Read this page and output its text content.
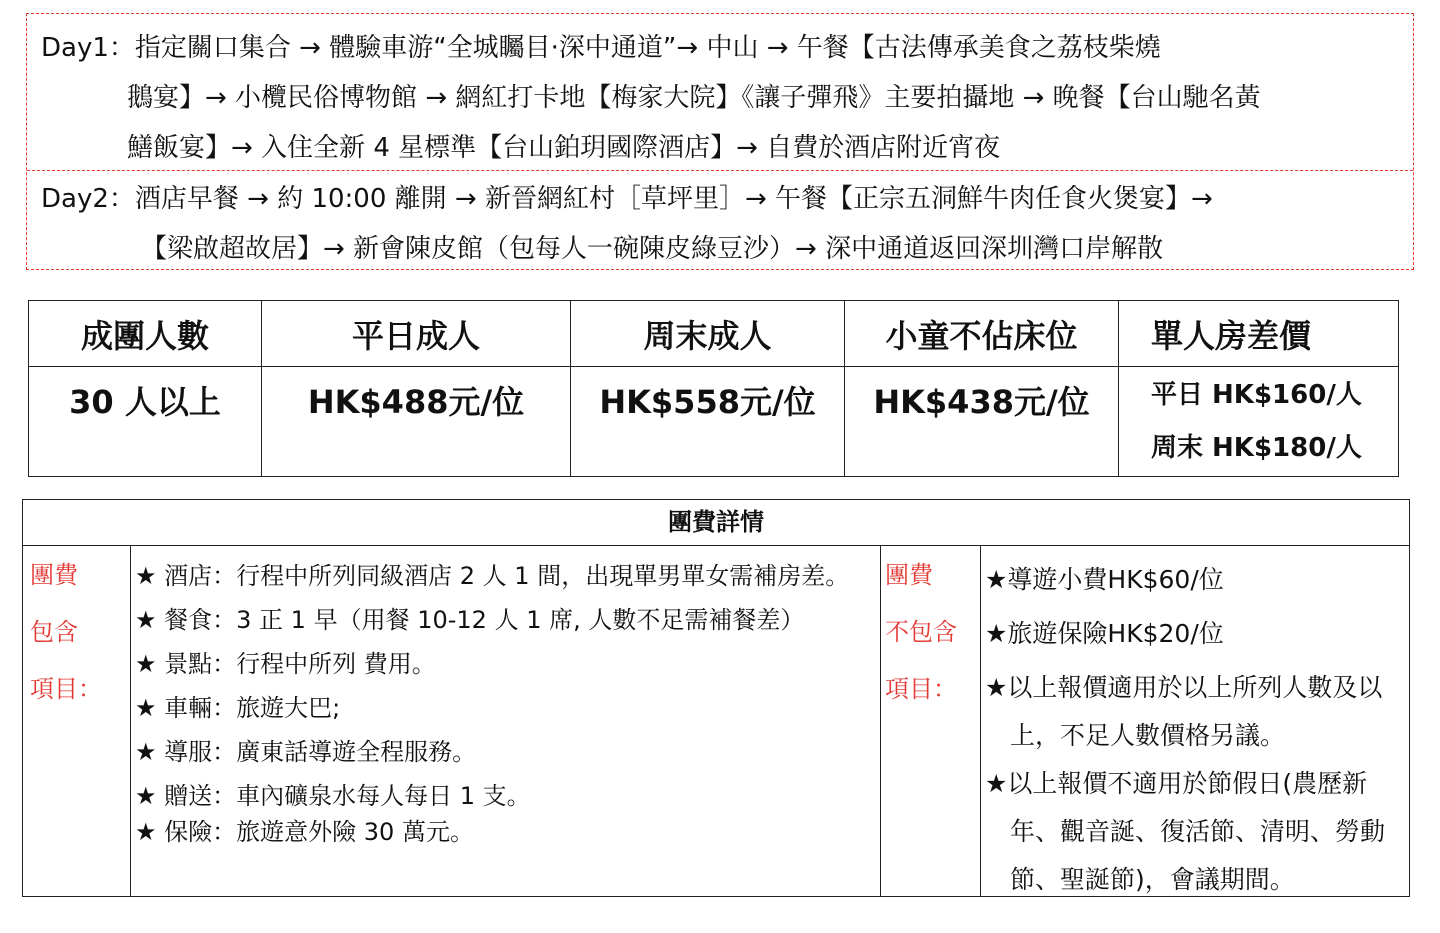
Day1：指定關口集合 → 體驗車游“全城矚目·深中通道”→ 中山 → 午餐【古法傳承美食之荔枝柴燒
鵝宴】→ 小欖民俗博物館 → 網紅打卡地【梅家大院】《讓子彈飛》主要拍攝地 → 晚餐【台山馳名黃
鱔飯宴】→ 入住全新 4 星標準【台山鉑玥國際酒店】→ 自費於酒店附近宵夜
Day2：酒店早餐 → 約 10:00 離開 → 新晉網紅村［草坪里］→ 午餐【正宗五洞鮮牛肉任食火煲宴】→
【梁啟超故居】→ 新會陳皮館（包每人一碗陳皮綠豆沙）→ 深中通道返回深圳灣口岸解散
成團人數	平日成人	周末成人	小童不佔床位	單人房差價
30 人以上	HK$488元/位	HK$558元/位	HK$438元/位	平日 HK$160/人
周末 HK$180/人
團費詳情
團費
包含
項目：
★ 酒店：行程中所列同級酒店 2 人 1 間，出現單男單女需補房差。
★ 餐食：3 正 1 早（用餐 10-12 人 1 席, 人數不足需補餐差）
★ 景點：行程中所列 費用。
★ 車輛：旅遊大巴;
★ 導服：廣東話導遊全程服務。
★ 贈送：車內礦泉水每人每日 1 支。
★ 保險：旅遊意外險 30 萬元。
團費
不包含
項目：
★導遊小費HK$60/位
★旅遊保險HK$20/位
★以上報價適用於以上所列人數及以
上，不足人數價格另議。
★以上報價不適用於節假日(農歷新
年、觀音誕、復活節、清明、勞動
節、聖誕節)，會議期間。
